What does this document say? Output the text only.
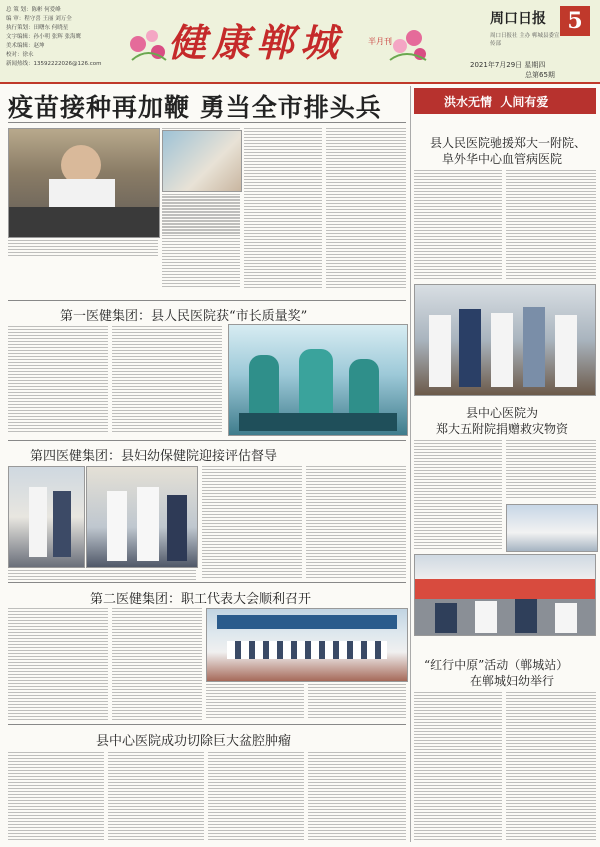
总 策 划：陈彬 何爱峰
编 审：程守喜 王丽 刘万全
执行策划：田曙东 何晓星
文字编辑：孙小明 张辉 张海鹰
美术编辑：赵坤
校对：徐永
新闻热线：13592222026@126.com	健康郸城	半月刊
周口日报 5
周口日报社 主办 郸城县委宣传部
2021年7月29日 星期四
总第65期
疫苗接种再加鞭 勇当全市排头兵
第一医健集团：县人民医院获“市长质量奖”
第四医健集团：县妇幼保健院迎接评估督导
第二医健集团：职工代表大会顺利召开
县中心医院成功切除巨大盆腔肿瘤
洪水无情  人间有爱
县人民医院驰援郑大一附院、
阜外华中心血管病医院
县中心医院为
郑大五附院捐赠救灾物资
“红行中原”活动（郸城站）
在郸城妇幼举行
